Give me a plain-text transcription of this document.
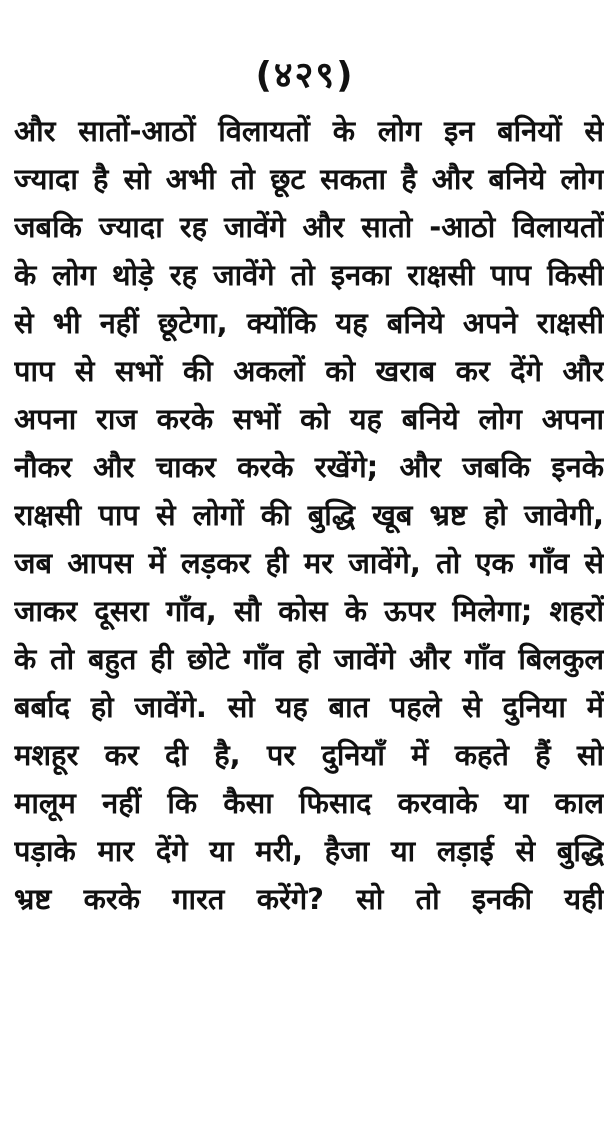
(४२९)
और सातों-आठों विलायतों के लोग इन बनियों से
ज्यादा है सो अभी तो छूट सकता है और बनिये लोग
जबकि ज्यादा रह जावेंगे और सातो -आठो विलायतों
के लोग थोड़े रह जावेंगे तो इनका राक्षसी पाप किसी
से भी नहीं छूटेगा, क्योंकि यह बनिये अपने राक्षसी
पाप से सभों की अकलों को खराब कर देंगे और
अपना राज करके सभों को यह बनिये लोग अपना
नौकर और चाकर करके रखेंगे; और जबकि इनके
राक्षसी पाप से लोगों की बुद्धि खूब भ्रष्ट हो जावेगी,
जब आपस में लड़कर ही मर जावेंगे, तो एक गाँव से
जाकर दूसरा गाँव, सौ कोस के ऊपर मिलेगा; शहरों
के तो बहुत ही छोटे गाँव हो जावेंगे और गाँव बिलकुल
बर्बाद हो जावेंगे. सो यह बात पहले से दुनिया में
मशहूर कर दी है, पर दुनियाँ में कहते हैं सो
मालूम नहीं कि कैसा फिसाद करवाके या काल
पड़ाके मार देंगे या मरी, हैजा या लड़ाई से बुद्धि
भ्रष्ट करके गारत करेंगे? सो तो इनकी यही
